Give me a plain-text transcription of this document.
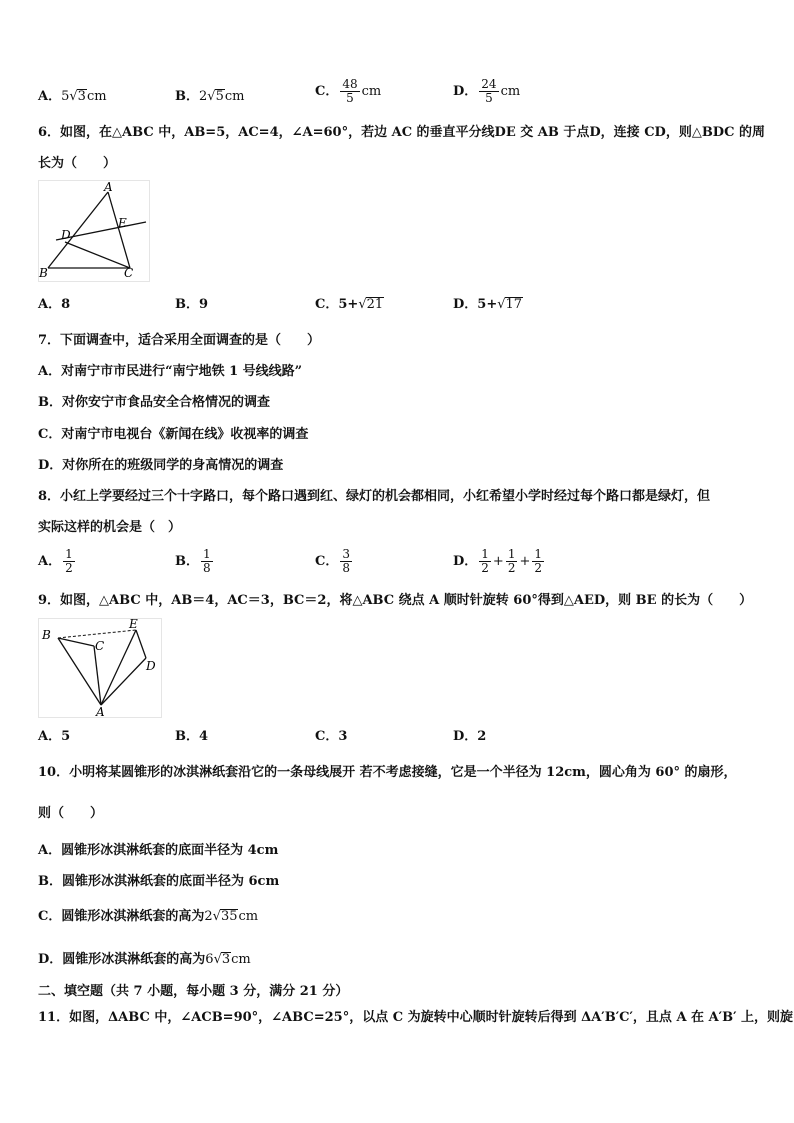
A．5√3cm	B．2√5cm	C． $\frac{48}{5}$ cm	D． $\frac{24}{5}$ cm
6．如图，在△ABC 中，AB=5，AC=4，∠A=60°，若边 AC 的垂直平分线DE 交 AB 于点D，连接 CD，则△BDC 的周
长为（　　）
A
E
D
B	C
A．8	B．9	C．5+√21	D．5+√17
7．下面调查中，适合采用全面调查的是（　　）
A．对南宁市市民进行“南宁地铁 1 号线线路”
B．对你安宁市食品安全合格情况的调查
C．对南宁市电视台《新闻在线》收视率的调查
D．对你所在的班级同学的身高情况的调查
8．小红上学要经过三个十字路口，每个路口遇到红、绿灯的机会都相同，小红希望小学时经过每个路口都是绿灯，但
实际这样的机会是（　）
A． $\frac{1}{2}$	B． $\frac{1}{8}$	C． $\frac{3}{8}$	D． $\frac{1}{2} + \frac{1}{2} + \frac{1}{2}$
9．如图，△ABC 中，AB＝4，AC＝3，BC＝2，将△ABC 绕点 A 顺时针旋转 60°得到△AED，则 BE 的长为（　　）
B
E
C
D
A
A．5	B．4	C．3	D．2
10．小明将某圆锥形的冰淇淋纸套沿它的一条母线展开 若不考虑接缝，它是一个半径为 12cm，圆心角为 60° 的扇形，
则（　　）
A．圆锥形冰淇淋纸套的底面半径为 4cm
B．圆锥形冰淇淋纸套的底面半径为 6cm
C．圆锥形冰淇淋纸套的高为2√35cm
D．圆锥形冰淇淋纸套的高为6√3cm
二、填空题（共 7 小题，每小题 3 分，满分 21 分）
11．如图，ΔABC 中，∠ACB=90°，∠ABC=25°，以点 C 为旋转中心顺时针旋转后得到 ΔA′B′C′，且点 A 在 A′B′ 上，则旋
